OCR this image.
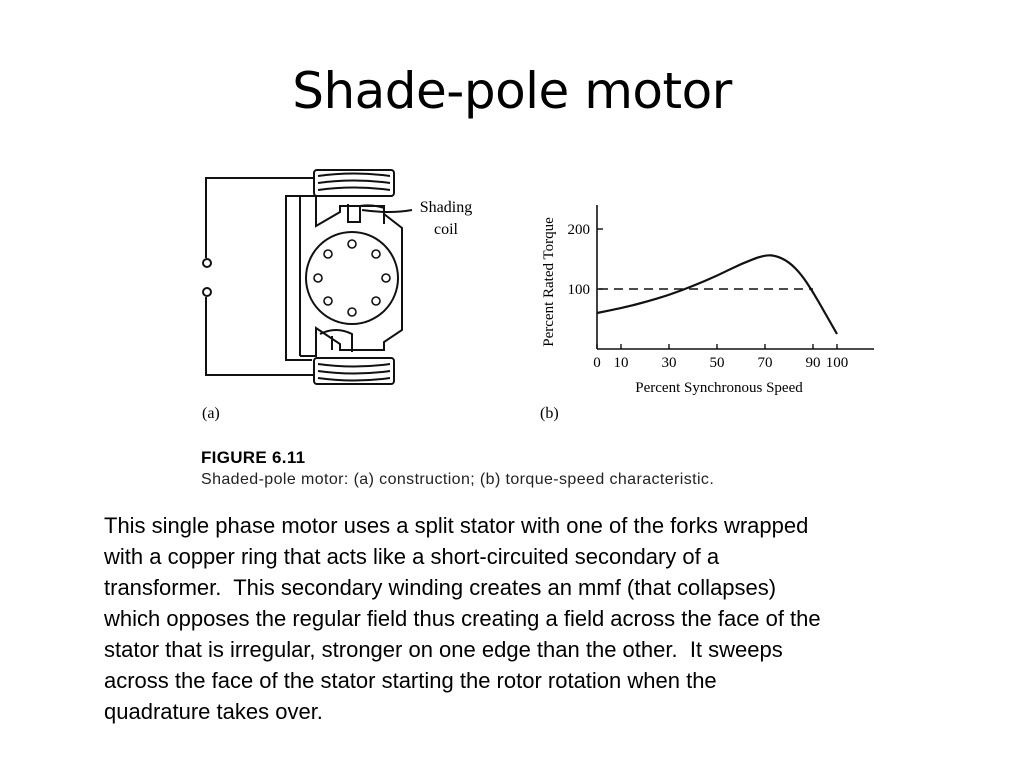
Shade-pole motor
Shading
coil
(a)
0 10 30 50 70 90 100
100
200
Percent Synchronous Speed
Percent Rated Torque
(b)
FIGURE 6.11
Shaded-pole motor: (a) construction; (b) torque-speed characteristic.

This single phase motor uses a split stator with one of the forks wrapped
with a copper ring that acts like a short-circuited secondary of a
transformer.  This secondary winding creates an mmf (that collapses)
which opposes the regular field thus creating a field across the face of the
stator that is irregular, stronger on one edge than the other.  It sweeps
across the face of the stator starting the rotor rotation when the
quadrature takes over.
